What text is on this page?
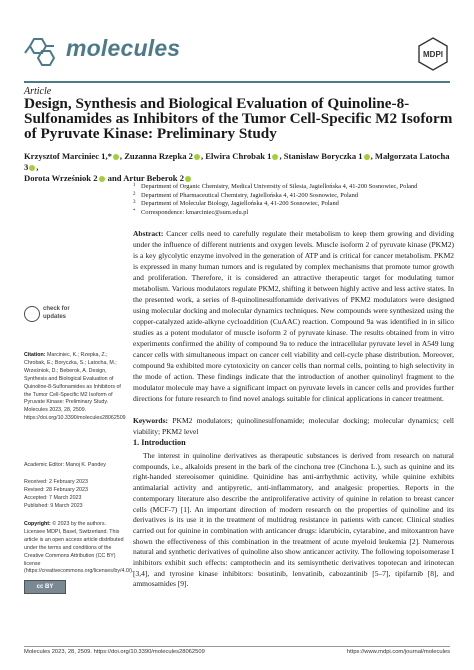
molecules	MDPI
Article
Design, Synthesis and Biological Evaluation of Quinoline-8-Sulfonamides as Inhibitors of the Tumor Cell-Specific M2 Isoform of Pyruvate Kinase: Preliminary Study
Krzysztof Marciniec 1,* , Zuzanna Rzepka 2 , Elwira Chrobak 1 , Stanisław Boryczka 1 , Małgorzata Latocha 3 ,
Dorota Wrześniok 2 and Artur Beberok 2
1 Department of Organic Chemistry, Medical University of Silesia, Jagiellońska 4, 41-200 Sosnowiec, Poland
2 Department of Pharmaceutical Chemistry, Jagiellońska 4, 41-200 Sosnowiec, Poland
3 Department of Molecular Biology, Jagiellońska 4, 41-200 Sosnowiec, Poland
* Correspondence: kmarciniec@sum.edu.pl
Abstract: Cancer cells need to carefully regulate their metabolism to keep them growing and dividing under the influence of different nutrients and oxygen levels. Muscle isoform 2 of pyruvate kinase (PKM2) is a key glycolytic enzyme involved in the generation of ATP and is critical for cancer metabolism. PKM2 is expressed in many human tumors and is regulated by complex mechanisms that promote tumor growth and proliferation. Therefore, it is considered an attractive therapeutic target for modulating tumor metabolism. Various modulators regulate PKM2, shifting it between highly active and less active states. In the presented work, a series of 8-quinolinesulfonamide derivatives of PKM2 modulators were designed using molecular docking and molecular dynamics techniques. New compounds were synthesized using the copper-catalyzed azide-alkyne cycloaddition (CuAAC) reaction. Compound 9a was identified in in silico studies as a potent modulator of muscle isoform 2 of pyruvate kinase. The results obtained from in vitro experiments confirmed the ability of compound 9a to reduce the intracellular pyruvate level in A549 lung cancer cells with simultaneous impact on cancer cell viability and cell-cycle phase distribution. Moreover, compound 9a exhibited more cytotoxicity on cancer cells than normal cells, pointing to high selectivity in the mode of action. These findings indicate that the introduction of another quinolinyl fragment to the modulator molecule may have a significant impact on pyruvate levels in cancer cells and provides further directions for future research to find novel analogs suitable for clinical applications in cancer treatment.
Keywords: PKM2 modulators; quinolinesulfonamide; molecular docking; molecular dynamics; cell viability; PKM2 level
1. Introduction
The interest in quinoline derivatives as therapeutic substances is derived from research on natural compounds, i.e., alkaloids present in the bark of the cinchona tree (Cinchona L.), such as quinine and its right-handed stereoisomer quinidine. Quinidine has anti-arrhythmic activity, while quinine exhibits antimalarial activity and antipyretic, anti-inflammatory, and analgesic properties. Reports in the contemporary literature also describe the antiproliferative activity of quinine in relation to breast cancer cells (MCF-7) [1]. An important direction of modern research on the properties of quinoline and its derivatives is its use it in the treatment of multidrug resistance in patients with cancer. Clinical studies carried out for quinine in combination with anticancer drugs: idarubicin, cytarabine, and mitoxantron have shown the effectiveness of this combination in the treatment of acute myeloid leukemia [2]. Numerous natural and synthetic derivatives of quinoline also show anticancer activity. The following topoisomerase I inhibitors exhibit such effects: camptothecin and its semisynthetic derivatives topotecan and irinotecan [3,4], and tyrosine kinase inhibitors: bosutinib, lenvatinib, cabozantinib [5–7], tipifarnib [8], and ammosamides [9].
check for
updates
Citation: Marciniec, K.; Rzepka, Z.; Chrobak, E.; Boryczka, S.; Latocha, M.; Wrześniok, D.; Beberok, A. Design, Synthesis and Biological Evaluation of Quinoline-8-Sulfonamides as Inhibitors of the Tumor Cell-Specific M2 Isoform of Pyruvate Kinase: Preliminary Study. Molecules 2023, 28, 2509. https://doi.org/10.3390/molecules28062509
Academic Editor: Manoj K. Pandey
Received: 2 February 2023
Revised: 28 February 2023
Accepted: 7 March 2023
Published: 9 March 2023
cc BY
Copyright: © 2023 by the authors. Licensee MDPI, Basel, Switzerland. This article is an open access article distributed under the terms and conditions of the Creative Commons Attribution (CC BY) license (https://creativecommons.org/licenses/by/4.0/).
Molecules 2023, 28, 2509. https://doi.org/10.3390/molecules28062509	https://www.mdpi.com/journal/molecules
